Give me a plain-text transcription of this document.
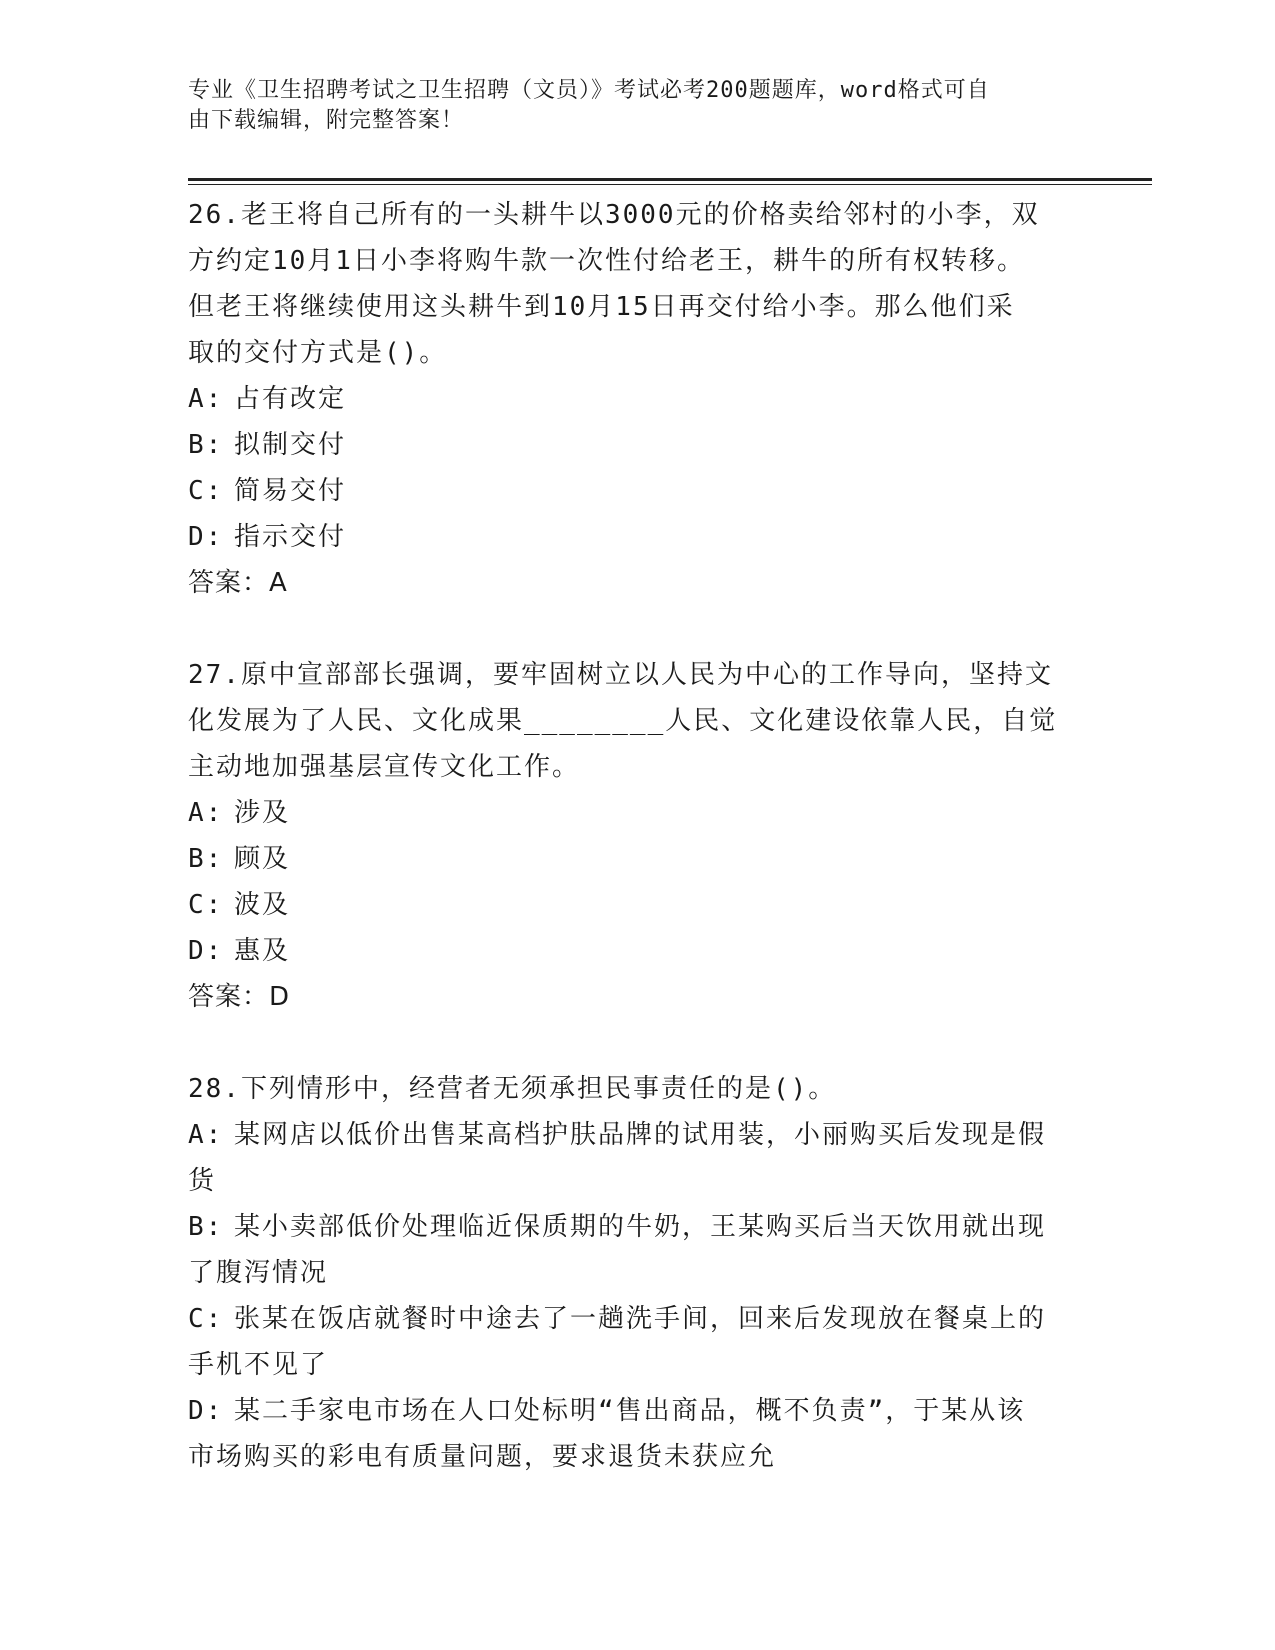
专业《卫生招聘考试之卫生招聘（文员）》考试必考200题题库，word格式可自
由下载编辑，附完整答案！

26.老王将自己所有的一头耕牛以3000元的价格卖给邻村的小李，双

方约定10月1日小李将购牛款一次性付给老王，耕牛的所有权转移。

但老王将继续使用这头耕牛到10月15日再交付给小李。那么他们采

取的交付方式是()。

A: 占有改定

B: 拟制交付

C: 简易交付

D: 指示交付

答案：A

27.原中宣部部长强调，要牢固树立以人民为中心的工作导向，坚持文

化发展为了人民、文化成果________人民、文化建设依靠人民，自觉

主动地加强基层宣传文化工作。

A: 涉及

B: 顾及

C: 波及

D: 惠及

答案：D

28.下列情形中，经营者无须承担民事责任的是()。

A: 某网店以低价出售某高档护肤品牌的试用装，小丽购买后发现是假

货

B: 某小卖部低价处理临近保质期的牛奶，王某购买后当天饮用就出现

了腹泻情况

C: 张某在饭店就餐时中途去了一趟洗手间，回来后发现放在餐桌上的

手机不见了

D: 某二手家电市场在人口处标明“售出商品，概不负责”，于某从该

市场购买的彩电有质量问题，要求退货未获应允
